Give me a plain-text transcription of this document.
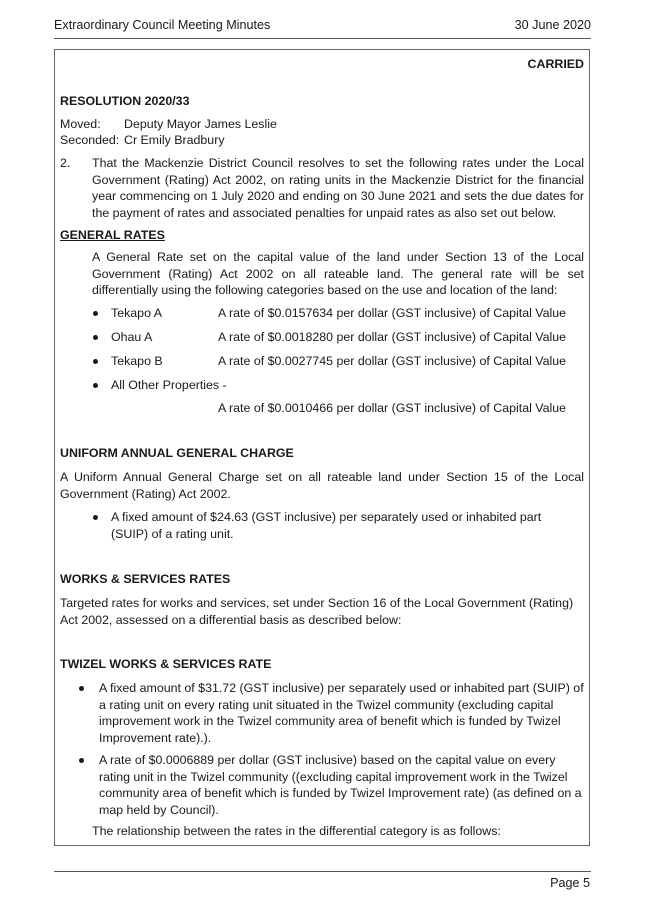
Extraordinary Council Meeting Minutes	30 June 2020
CARRIED
RESOLUTION 2020/33
Moved: Deputy Mayor James Leslie
Seconded: Cr Emily Bradbury
2. That the Mackenzie District Council resolves to set the following rates under the Local Government (Rating) Act 2002, on rating units in the Mackenzie District for the financial year commencing on 1 July 2020 and ending on 30 June 2021 and sets the due dates for the payment of rates and associated penalties for unpaid rates as also set out below.
GENERAL RATES
A General Rate set on the capital value of the land under Section 13 of the Local Government (Rating) Act 2002 on all rateable land. The general rate will be set differentially using the following categories based on the use and location of the land:
Tekapo A	A rate of $0.0157634 per dollar (GST inclusive) of Capital Value
Ohau A	A rate of $0.0018280 per dollar (GST inclusive) of Capital Value
Tekapo B	A rate of $0.0027745 per dollar (GST inclusive) of Capital Value
All Other Properties -
A rate of $0.0010466 per dollar (GST inclusive) of Capital Value
UNIFORM ANNUAL GENERAL CHARGE
A Uniform Annual General Charge set on all rateable land under Section 15 of the Local Government (Rating) Act 2002.
A fixed amount of $24.63 (GST inclusive) per separately used or inhabited part (SUIP) of a rating unit.
WORKS & SERVICES RATES
Targeted rates for works and services, set under Section 16 of the Local Government (Rating) Act 2002, assessed on a differential basis as described below:
TWIZEL WORKS & SERVICES RATE
A fixed amount of $31.72 (GST inclusive) per separately used or inhabited part (SUIP) of a rating unit on every rating unit situated in the Twizel community (excluding capital improvement work in the Twizel community area of benefit which is funded by Twizel Improvement rate).).
A rate of $0.0006889 per dollar (GST inclusive) based on the capital value on every rating unit in the Twizel community ((excluding capital improvement work in the Twizel community area of benefit which is funded by Twizel Improvement rate) (as defined on a map held by Council).
The relationship between the rates in the differential category is as follows:
Page 5
